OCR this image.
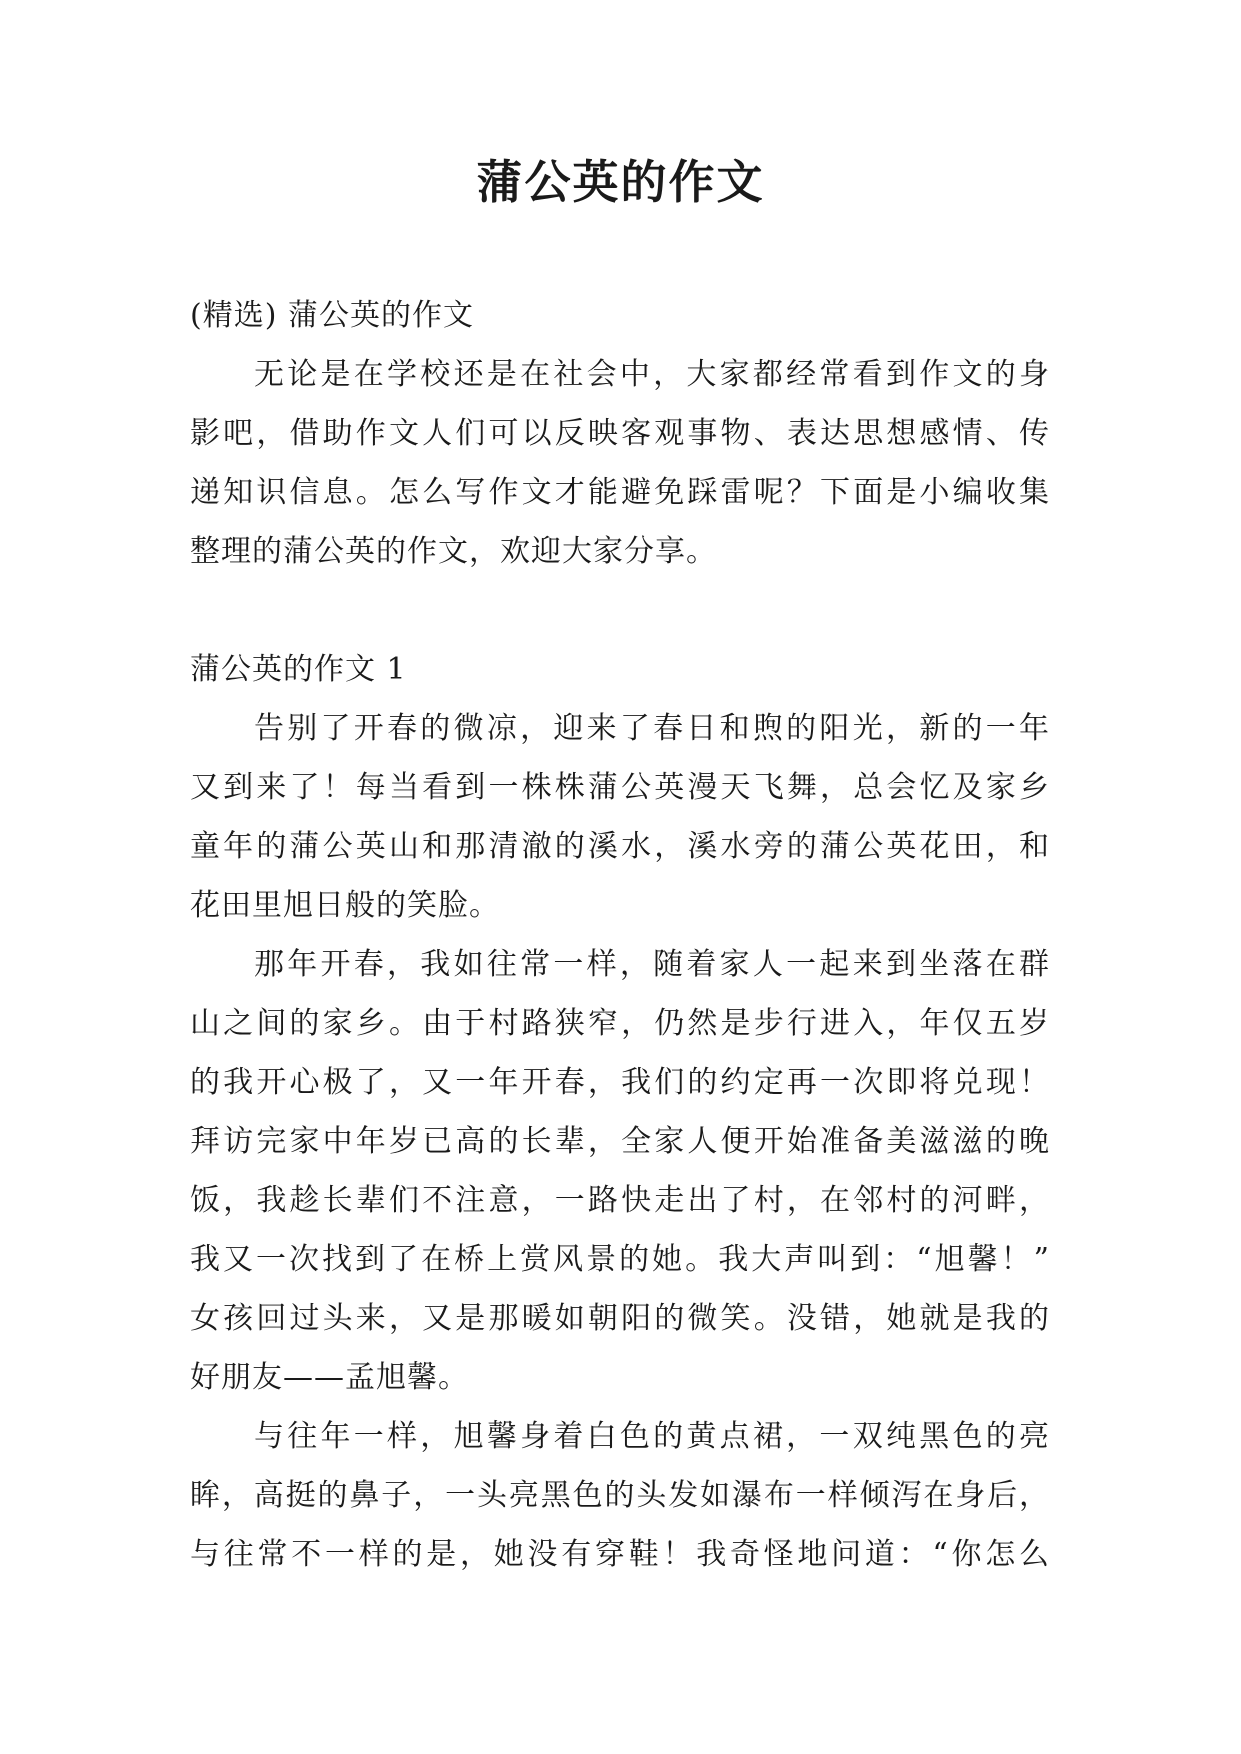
蒲公英的作文
(精选) 蒲公英的作文
无论是在学校还是在社会中，大家都经常看到作文的身
影吧，借助作文人们可以反映客观事物、表达思想感情、传
递知识信息。怎么写作文才能避免踩雷呢？下面是小编收集
整理的蒲公英的作文，欢迎大家分享。
蒲公英的作文 1
告别了开春的微凉，迎来了春日和煦的阳光，新的一年
又到来了！每当看到一株株蒲公英漫天飞舞，总会忆及家乡
童年的蒲公英山和那清澈的溪水，溪水旁的蒲公英花田，和
花田里旭日般的笑脸。
那年开春，我如往常一样，随着家人一起来到坐落在群
山之间的家乡。由于村路狭窄，仍然是步行进入，年仅五岁
的我开心极了，又一年开春，我们的约定再一次即将兑现！
拜访完家中年岁已高的长辈，全家人便开始准备美滋滋的晚
饭，我趁长辈们不注意，一路快走出了村，在邻村的河畔，
我又一次找到了在桥上赏风景的她。我大声叫到：“旭馨！”
女孩回过头来，又是那暖如朝阳的微笑。没错，她就是我的
好朋友——孟旭馨。
与往年一样，旭馨身着白色的黄点裙，一双纯黑色的亮
眸，高挺的鼻子，一头亮黑色的头发如瀑布一样倾泻在身后，
与往常不一样的是，她没有穿鞋！我奇怪地问道：“你怎么
